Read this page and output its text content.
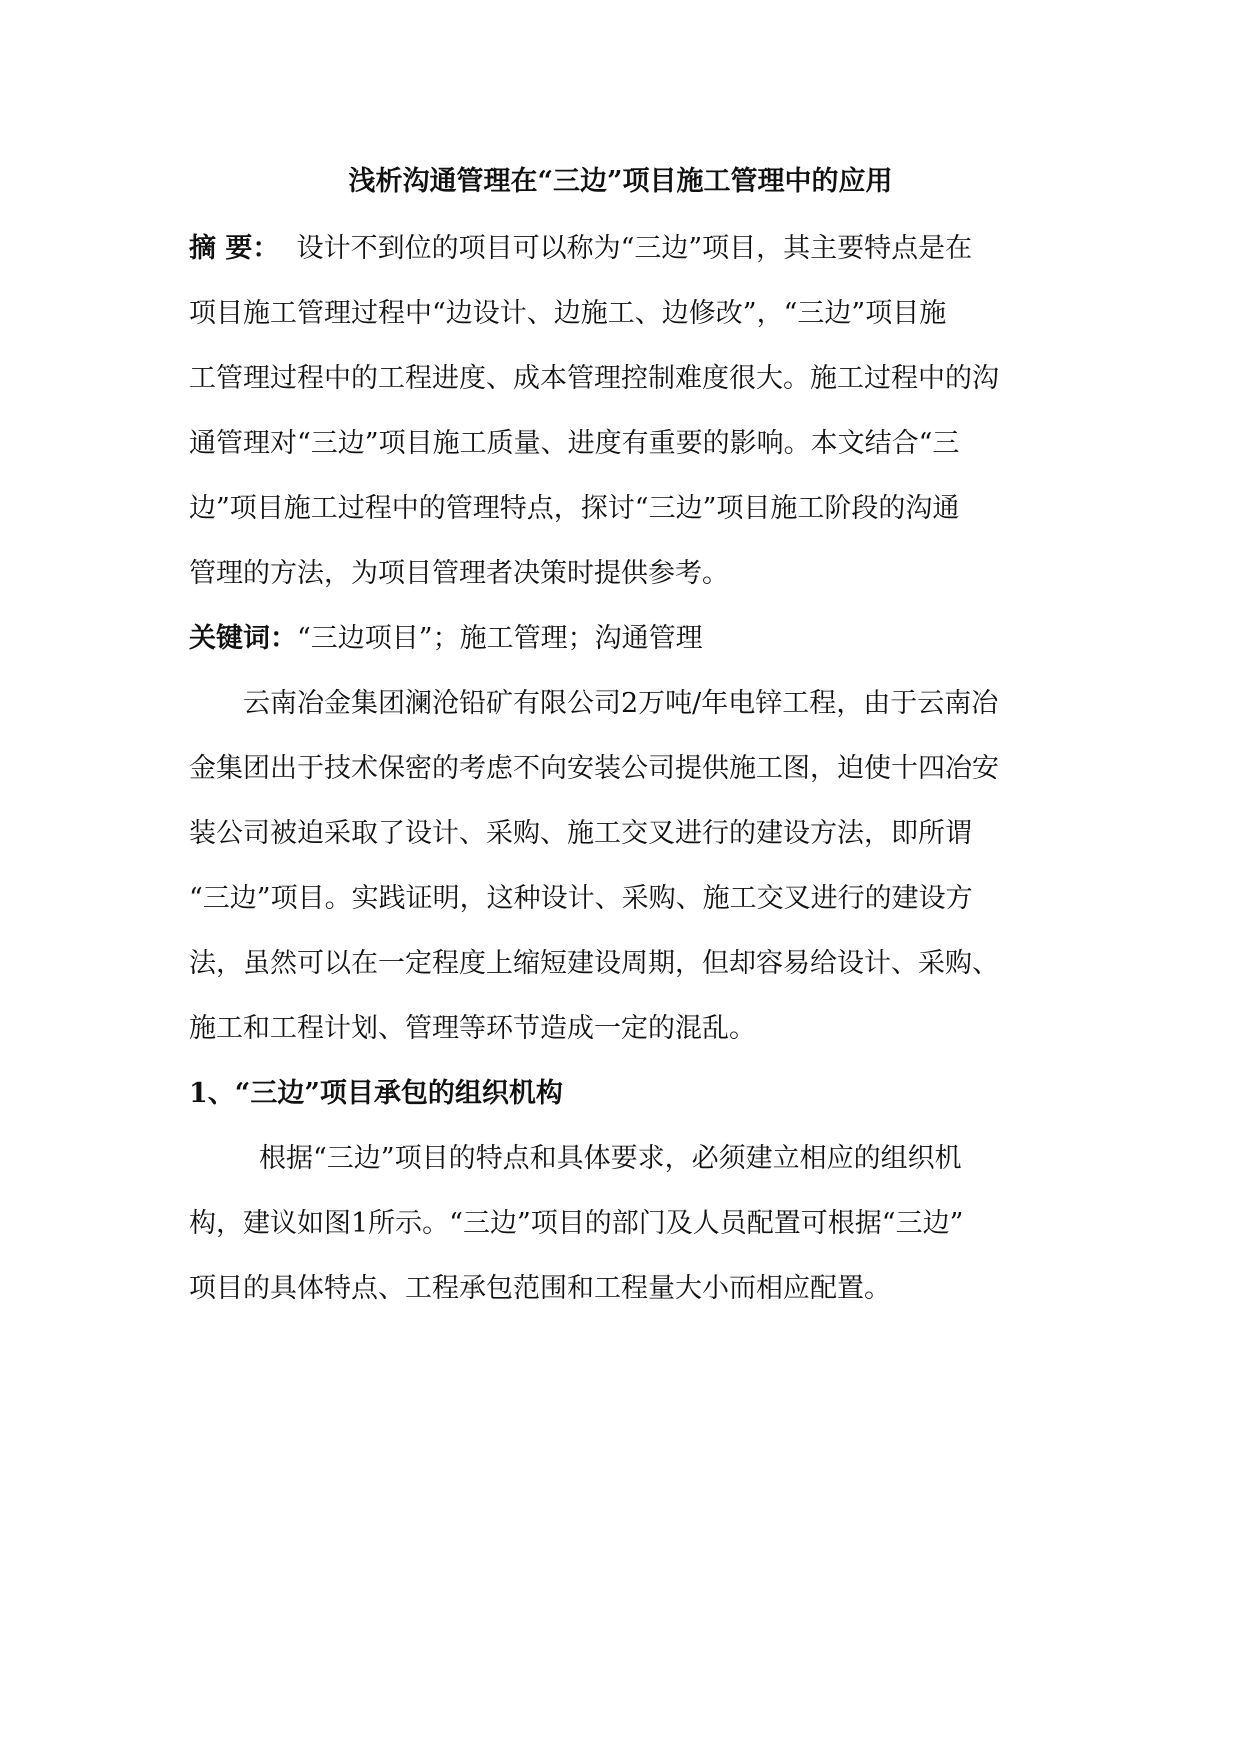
浅析沟通管理在“三边”项目施工管理中的应用
摘 要： 设计不到位的项目可以称为“三边”项目，其主要特点是在
项目施工管理过程中“边设计、边施工、边修改”，“三边”项目施
工管理过程中的工程进度、成本管理控制难度很大。施工过程中的沟
通管理对“三边”项目施工质量、进度有重要的影响。本文结合“三
边”项目施工过程中的管理特点，探讨“三边”项目施工阶段的沟通
管理的方法，为项目管理者决策时提供参考。
关键词：“三边项目”；施工管理；沟通管理
云南冶金集团澜沧铅矿有限公司2万吨/年电锌工程，由于云南冶
金集团出于技术保密的考虑不向安装公司提供施工图，迫使十四冶安
装公司被迫采取了设计、采购、施工交叉进行的建设方法，即所谓
“三边”项目。实践证明，这种设计、采购、施工交叉进行的建设方
法，虽然可以在一定程度上缩短建设周期，但却容易给设计、采购、
施工和工程计划、管理等环节造成一定的混乱。
1、“三边”项目承包的组织机构
根据“三边”项目的特点和具体要求，必须建立相应的组织机
构，建议如图1所示。“三边”项目的部门及人员配置可根据“三边”
项目的具体特点、工程承包范围和工程量大小而相应配置。
